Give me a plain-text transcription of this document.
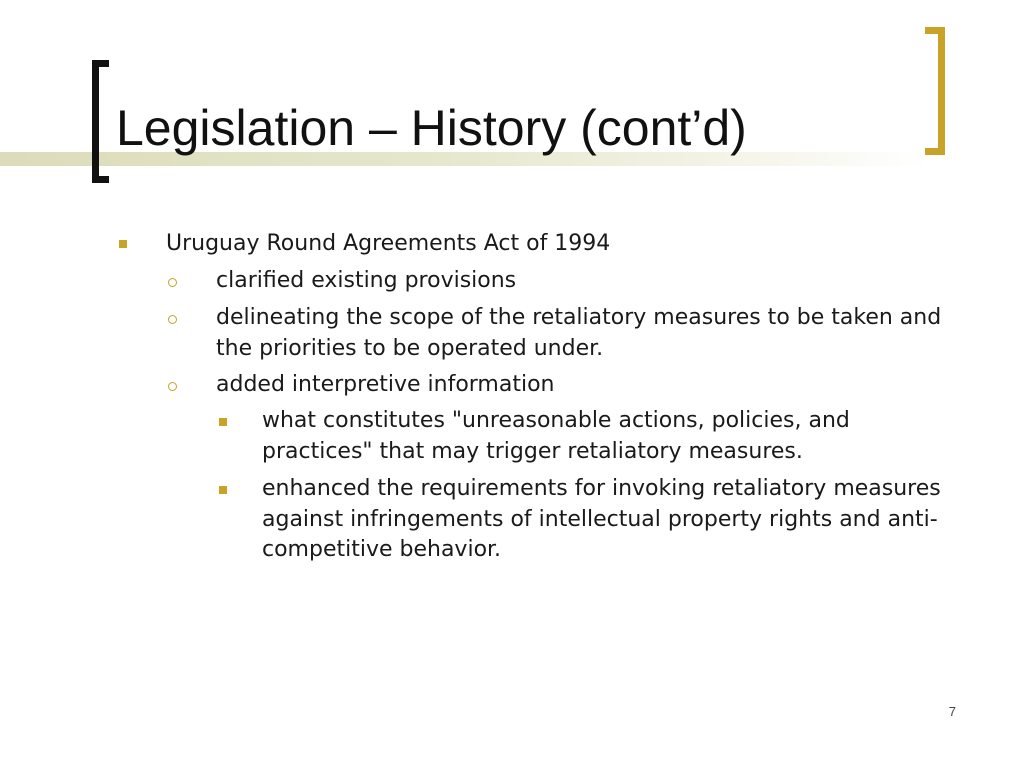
Legislation – History (cont’d)
Uruguay Round Agreements Act of 1994
clarified existing provisions
delineating the scope of the retaliatory measures to be taken and the priorities to be operated under.
added interpretive information
what constitutes "unreasonable actions, policies, and practices" that may trigger retaliatory measures.
enhanced the requirements for invoking retaliatory measures against infringements of intellectual property rights and anti-competitive behavior.
7
